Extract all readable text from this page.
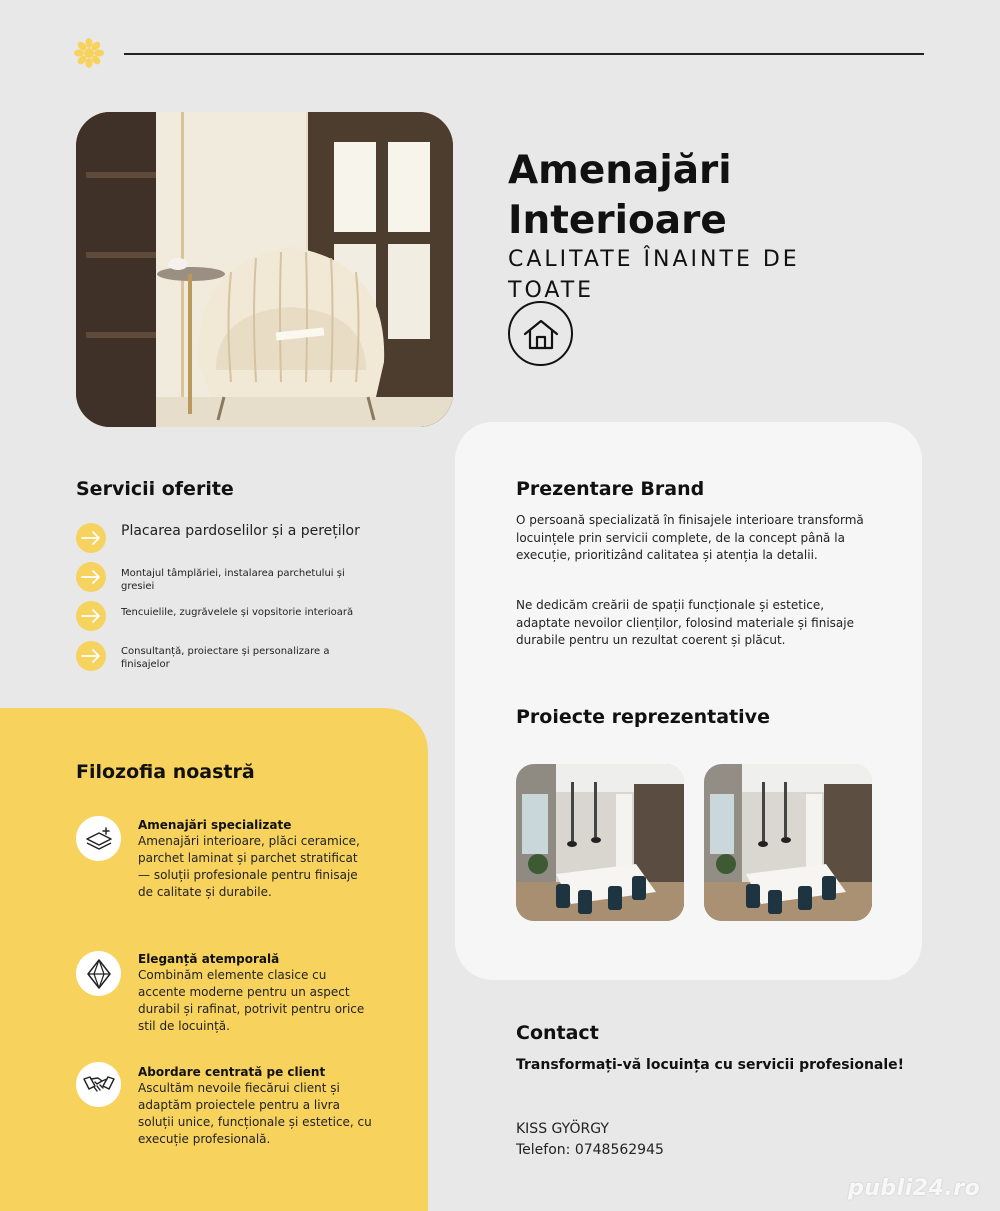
Amenajări Interioare
CALITATE ÎNAINTE DE TOATE
Servicii oferite
Placarea pardoselilor și a pereților
Montajul tâmplăriei, instalarea parchetului și gresiei
Tencuielile, zugrăvelele și vopsitorie interioară
Consultanță, proiectare și personalizare a finisajelor
Filozofia noastră
Amenajări specializate
Amenajări interioare, plăci ceramice, parchet laminat și parchet stratificat — soluții profesionale pentru finisaje de calitate și durabile.
Eleganță atemporală
Combinăm elemente clasice cu accente moderne pentru un aspect durabil și rafinat, potrivit pentru orice stil de locuință.
Abordare centrată pe client
Ascultăm nevoile fiecărui client și adaptăm proiectele pentru a livra soluții unice, funcționale și estetice, cu execuție profesională.
Prezentare Brand
O persoană specializată în finisajele interioare transformă locuințele prin servicii complete, de la concept până la execuție, prioritizând calitatea și atenția la detalii.
Ne dedicăm creării de spații funcționale și estetice, adaptate nevoilor clienților, folosind materiale și finisaje durabile pentru un rezultat coerent și plăcut.
Proiecte reprezentative
Contact
Transformați-vă locuința cu servicii profesionale!
KISS GYÖRGY
Telefon: 0748562945
publi24.ro
